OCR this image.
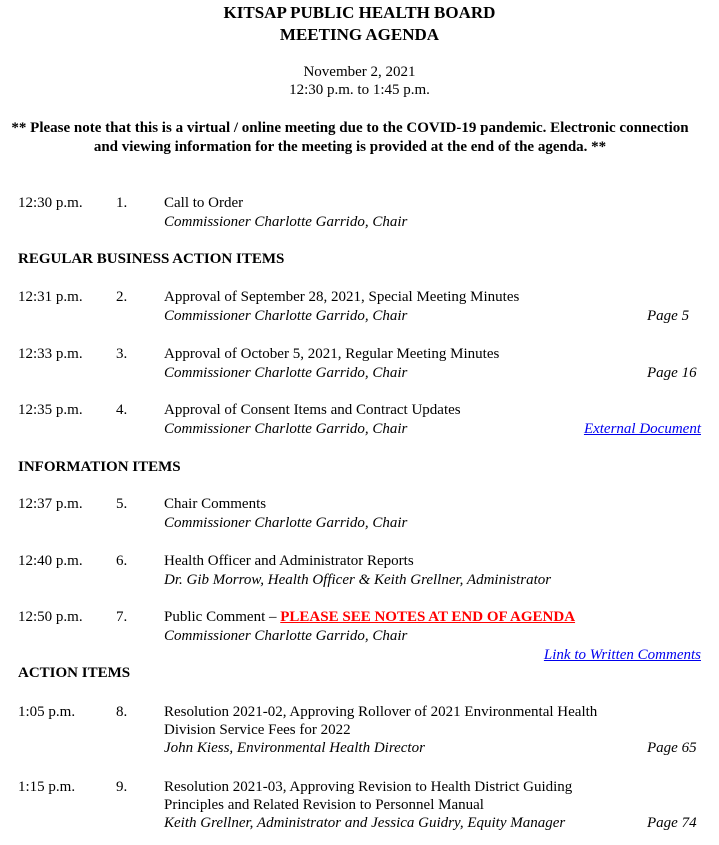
KITSAP PUBLIC HEALTH BOARD
MEETING AGENDA
November 2, 2021
12:30 p.m. to 1:45 p.m.
** Please note that this is a virtual / online meeting due to the COVID-19 pandemic. Electronic connection and viewing information for the meeting is provided at the end of the agenda. **
12:30 p.m. 1. Call to Order
Commissioner Charlotte Garrido, Chair
REGULAR BUSINESS ACTION ITEMS
12:31 p.m. 2. Approval of September 28, 2021, Special Meeting Minutes
Commissioner Charlotte Garrido, Chair	Page 5
12:33 p.m. 3. Approval of October 5, 2021, Regular Meeting Minutes
Commissioner Charlotte Garrido, Chair	Page 16
12:35 p.m. 4. Approval of Consent Items and Contract Updates
Commissioner Charlotte Garrido, Chair	External Document
INFORMATION ITEMS
12:37 p.m. 5. Chair Comments
Commissioner Charlotte Garrido, Chair
12:40 p.m. 6. Health Officer and Administrator Reports
Dr. Gib Morrow, Health Officer & Keith Grellner, Administrator
12:50 p.m. 7. Public Comment – PLEASE SEE NOTES AT END OF AGENDA
Commissioner Charlotte Garrido, Chair
Link to Written Comments
ACTION ITEMS
1:05 p.m.	8. Resolution 2021-02, Approving Rollover of 2021 Environmental Health
Division Service Fees for 2022
John Kiess, Environmental Health Director	Page 65
1:15 p.m.	9. Resolution 2021-03, Approving Revision to Health District Guiding
Principles and Related Revision to Personnel Manual
Keith Grellner, Administrator and Jessica Guidry, Equity Manager	Page 74
